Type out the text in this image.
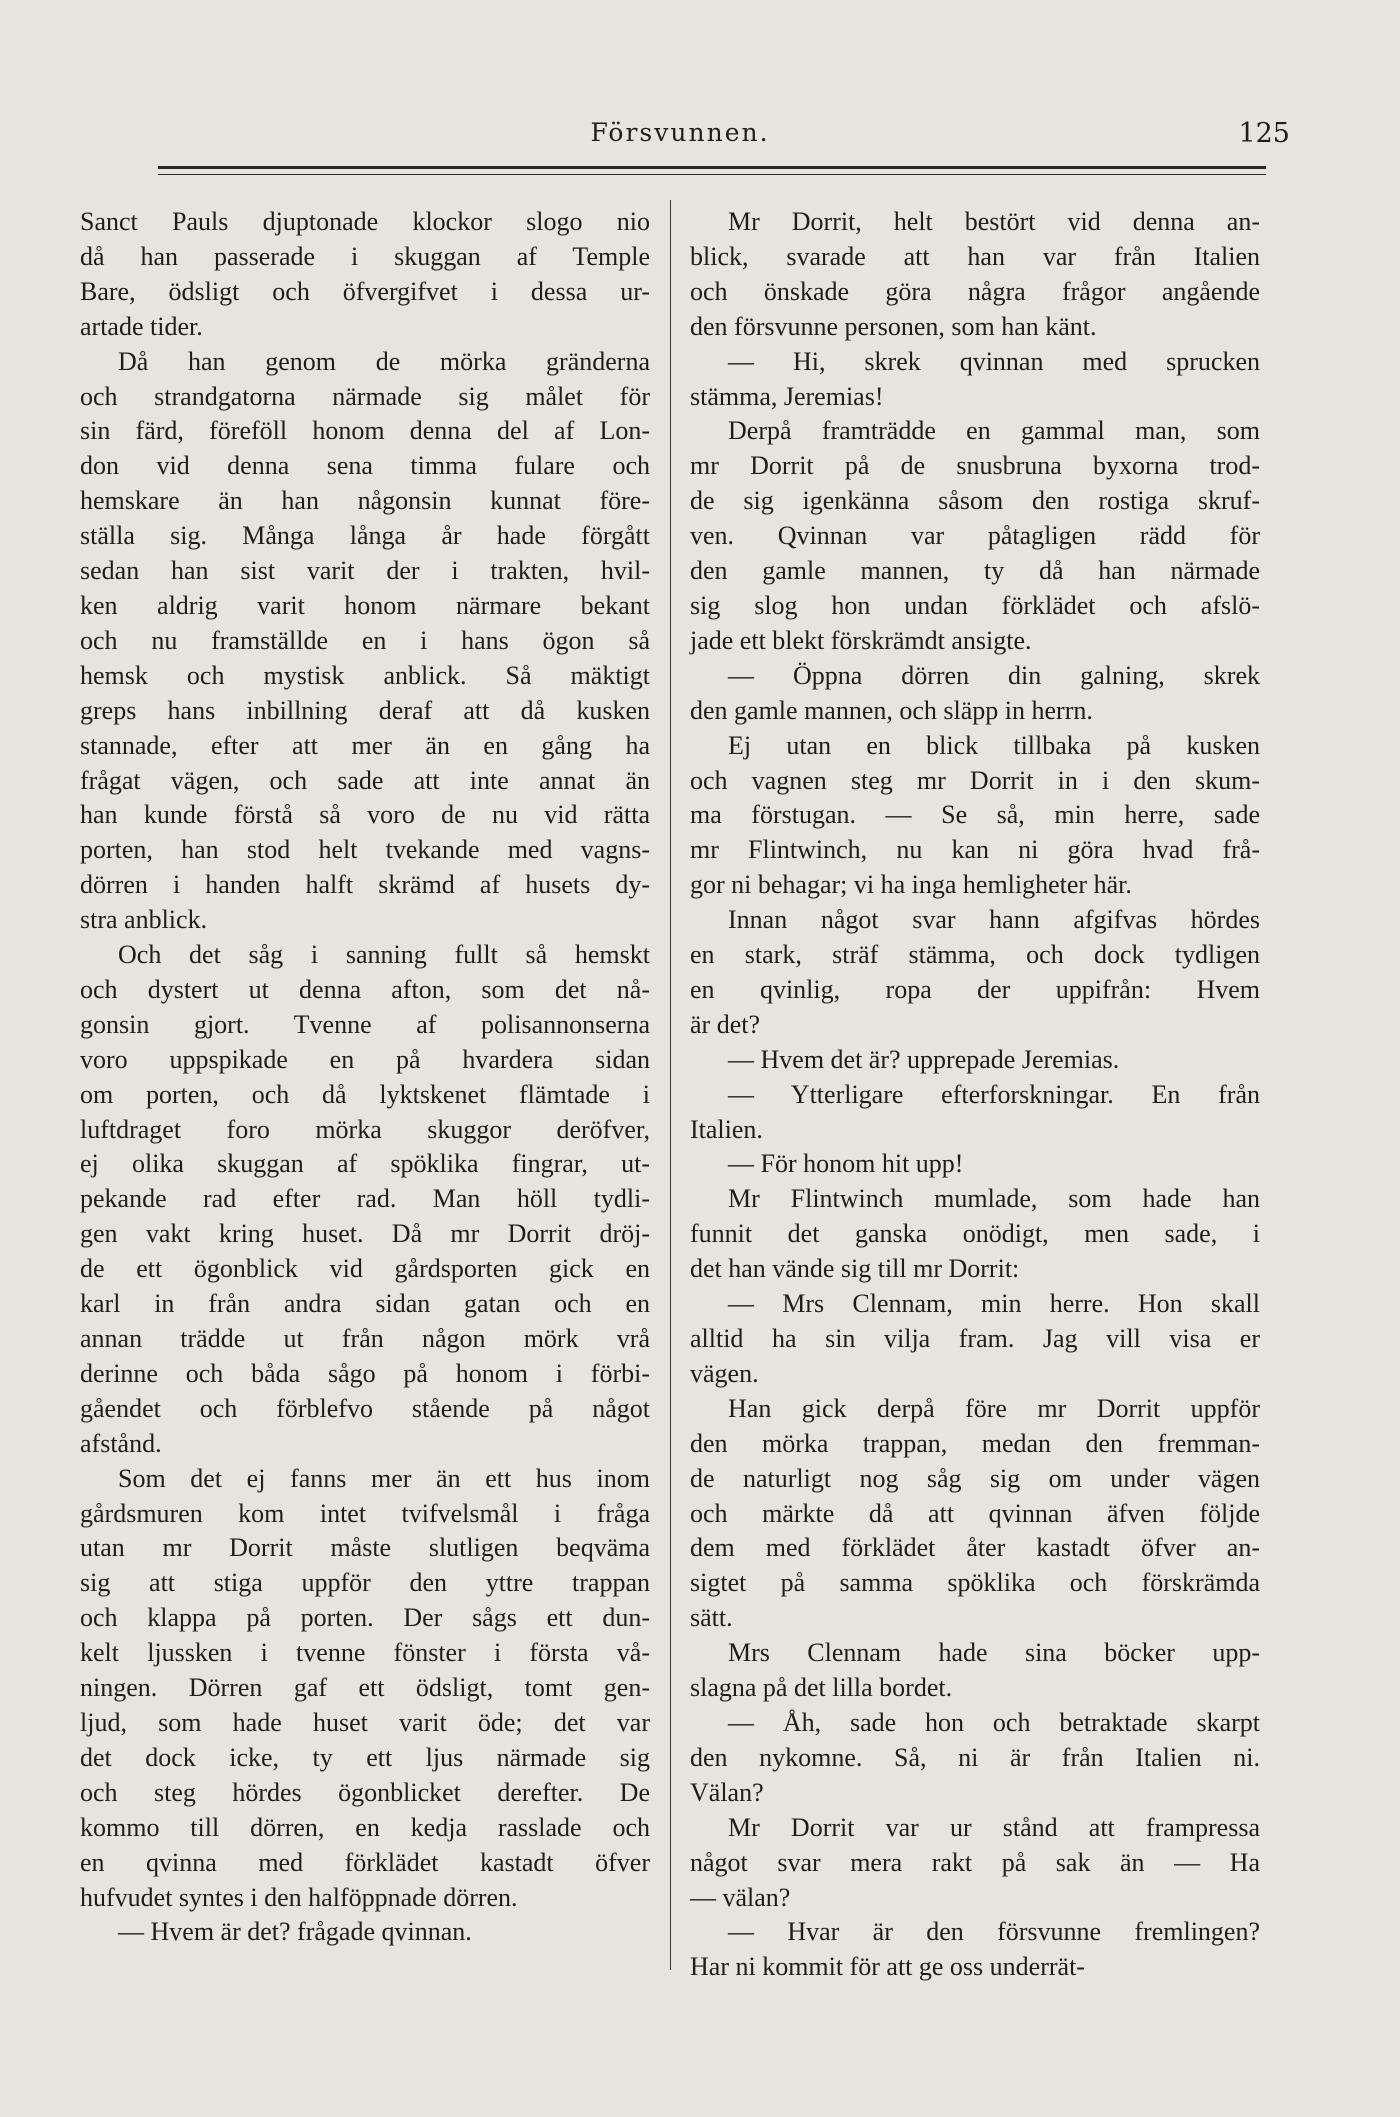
Försvunnen.	125
Sanct Pauls djuptonade klockor slogo nio
då han passerade i skuggan af Temple
Bare, ödsligt och öfvergifvet i dessa ur-
artade tider.
Då han genom de mörka gränderna
och strandgatorna närmade sig målet för
sin färd, föreföll honom denna del af Lon-
don vid denna sena timma fulare och
hemskare än han någonsin kunnat före-
ställa sig. Många långa år hade förgått
sedan han sist varit der i trakten, hvil-
ken aldrig varit honom närmare bekant
och nu framställde en i hans ögon så
hemsk och mystisk anblick. Så mäktigt
greps hans inbillning deraf att då kusken
stannade, efter att mer än en gång ha
frågat vägen, och sade att inte annat än
han kunde förstå så voro de nu vid rätta
porten, han stod helt tvekande med vagns-
dörren i handen halft skrämd af husets dy-
stra anblick.
Och det såg i sanning fullt så hemskt
och dystert ut denna afton, som det nå-
gonsin gjort. Tvenne af polisannonserna
voro uppspikade en på hvardera sidan
om porten, och då lyktskenet flämtade i
luftdraget foro mörka skuggor deröfver,
ej olika skuggan af spöklika fingrar, ut-
pekande rad efter rad. Man höll tydli-
gen vakt kring huset. Då mr Dorrit dröj-
de ett ögonblick vid gårdsporten gick en
karl in från andra sidan gatan och en
annan trädde ut från någon mörk vrå
derinne och båda sågo på honom i förbi-
gåendet och förblefvo stående på något
afstånd.
Som det ej fanns mer än ett hus inom
gårdsmuren kom intet tvifvelsmål i fråga
utan mr Dorrit måste slutligen beqväma
sig att stiga uppför den yttre trappan
och klappa på porten. Der sågs ett dun-
kelt ljussken i tvenne fönster i första vå-
ningen. Dörren gaf ett ödsligt, tomt gen-
ljud, som hade huset varit öde; det var
det dock icke, ty ett ljus närmade sig
och steg hördes ögonblicket derefter. De
kommo till dörren, en kedja rasslade och
en qvinna med förklädet kastadt öfver
hufvudet syntes i den halföppnade dörren.
— Hvem är det? frågade qvinnan.
Mr Dorrit, helt bestört vid denna an-
blick, svarade att han var från Italien
och önskade göra några frågor angående
den försvunne personen, som han känt.
— Hi, skrek qvinnan med sprucken
stämma, Jeremias!
Derpå framträdde en gammal man, som
mr Dorrit på de snusbruna byxorna trod-
de sig igenkänna såsom den rostiga skruf-
ven. Qvinnan var påtagligen rädd för
den gamle mannen, ty då han närmade
sig slog hon undan förklädet och afslö-
jade ett blekt förskrämdt ansigte.
— Öppna dörren din galning, skrek
den gamle mannen, och släpp in herrn.
Ej utan en blick tillbaka på kusken
och vagnen steg mr Dorrit in i den skum-
ma förstugan. — Se så, min herre, sade
mr Flintwinch, nu kan ni göra hvad frå-
gor ni behagar; vi ha inga hemligheter här.
Innan något svar hann afgifvas hördes
en stark, sträf stämma, och dock tydligen
en qvinlig, ropa der uppifrån: Hvem
är det?
— Hvem det är? upprepade Jeremias.
— Ytterligare efterforskningar. En från
Italien.
— För honom hit upp!
Mr Flintwinch mumlade, som hade han
funnit det ganska onödigt, men sade, i
det han vände sig till mr Dorrit:
— Mrs Clennam, min herre. Hon skall
alltid ha sin vilja fram. Jag vill visa er
vägen.
Han gick derpå före mr Dorrit uppför
den mörka trappan, medan den fremman-
de naturligt nog såg sig om under vägen
och märkte då att qvinnan äfven följde
dem med förklädet åter kastadt öfver an-
sigtet på samma spöklika och förskrämda
sätt.
Mrs Clennam hade sina böcker upp-
slagna på det lilla bordet.
— Åh, sade hon och betraktade skarpt
den nykomne. Så, ni är från Italien ni.
Välan?
Mr Dorrit var ur stånd att frampressa
något svar mera rakt på sak än — Ha
— välan?
— Hvar är den försvunne fremlingen?
Har ni kommit för att ge oss underrät-
